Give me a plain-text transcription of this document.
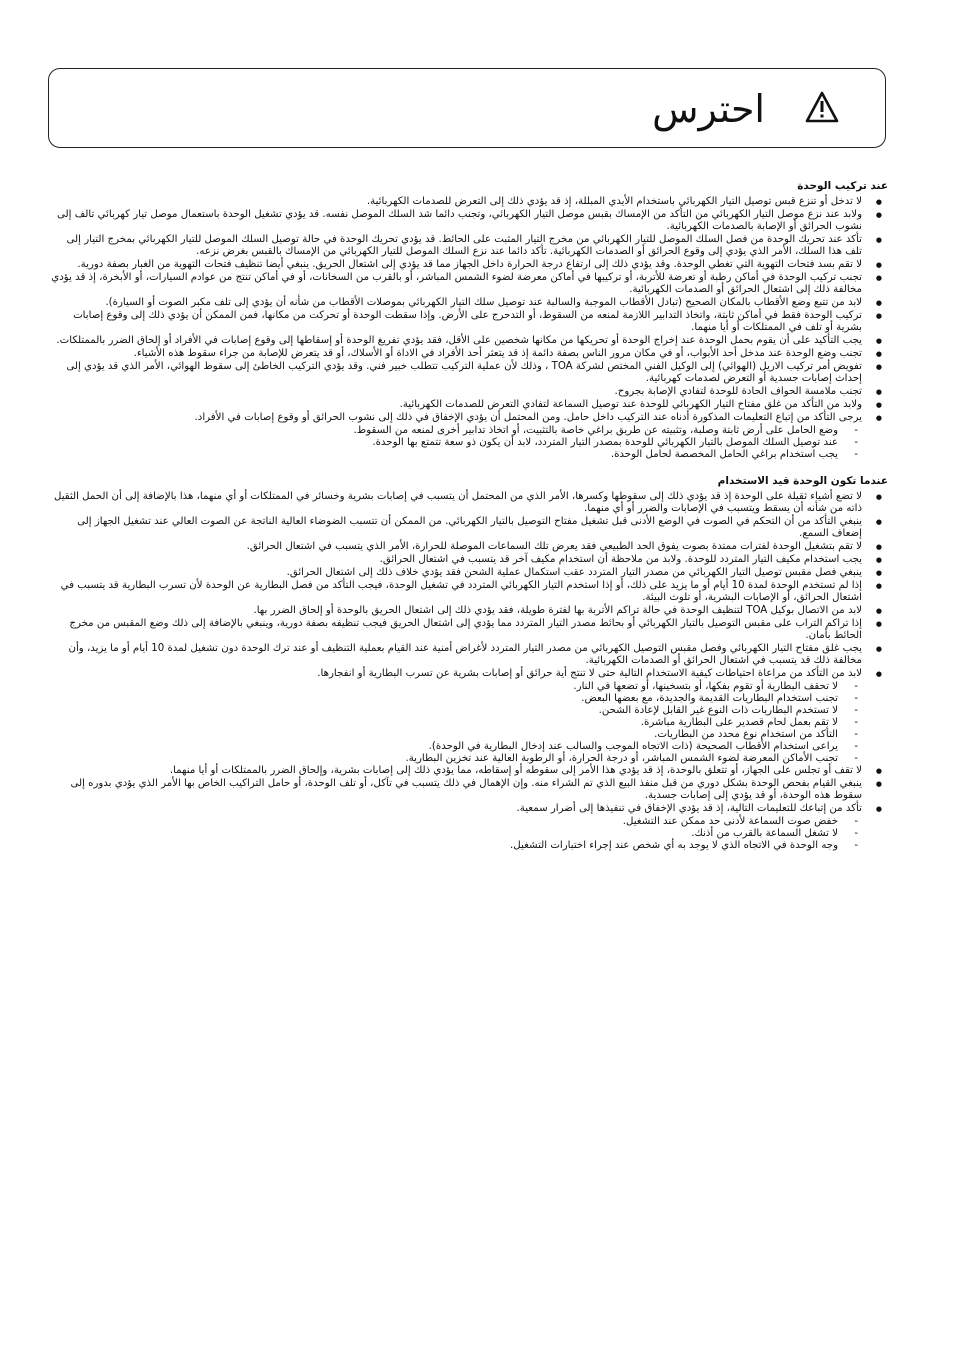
احترس
عند تركيب الوحدة
● لا تدخل أو تنزع قبس توصيل التيار الكهربائي باستخدام الأيدي المبللة، إذ قد يؤدي ذلك إلى التعرض للصدمات الكهربائية.
● ولابد عند نزع موصل التيار الكهربائي من التأكد من الإمساك بقبس موصل التيار الكهربائي، وتجنب دائما شد السلك الموصل نفسه. قد يؤدي تشغيل الوحدة باستعمال موصل تيار كهربائي تالف إلى نشوب الحرائق أو الإصابة بالصدمات الكهربائية.
● تأكد عند تحريك الوحدة من فصل السلك الموصل للتيار الكهربائي من مخرج التيار المثبت على الحائط. قد يؤدي تحريك الوحدة في حالة توصيل السلك الموصل للتيار الكهربائي بمخرج التيار إلى تلف هذا السلك، الأمر الذي يؤدي إلى وقوع الحرائق أو الصدمات الكهربائية. تأكد دائما عند نزع السلك الموصل للتيار الكهربائي من الإمساك بالقبس بغرض نزعه.
● لا تقم بسد فتحات التهوية التي تغطي الوحدة. وقد يؤدي ذلك إلى ارتفاع درجة الحرارة داخل الجهاز مما قد يؤدي إلى اشتعال الحريق. ينبغي أيضا تنظيف فتحات التهوية من الغبار بصفة دورية.
● تجنب تركيب الوحدة في أماكن رطبة أو تعرضة للأتربة، أو تركيبها في أماكن معرضة لضوء الشمس المباشر، أو بالقرب من السخانات، أو في أماكن تنتج من عوادم السيارات، أو الأبخرة، إذ قد يؤدي مخالفة ذلك إلى اشتعال الحرائق أو الصدمات الكهربائية.
● لابد من تتبع وضع الأقطاب بالمكان الصحيح (تبادل الأقطاب الموجبة والسالبة عند توصيل سلك التيار الكهربائي بموصلات الأقطاب من شأنه أن يؤدي إلى تلف مكبر الصوت أو السيارة).
● تركيب الوحدة فقط في أماكن ثابتة، واتخاذ التدابير اللازمة لمنعه من السقوط، أو التدحرج على الأرض. وإذا سقطت الوحدة أو تحركت من مكانها، فمن الممكن أن يؤدي ذلك إلى وقوع إصابات بشرية أو تلف في الممتلكات أو أيا منهما.
● يجب التأكيد على أن يقوم بحمل الوحدة عند إخراج الوحدة أو تحريكها من مكانها شخصين على الأقل، فقد يؤدي تفريغ الوحدة أو إسقاطها إلى وقوع إصابات في الأفراد أو إلحاق الضرر بالممتلكات.
● تجنب وضع الوحدة عند مدخل أحد الأبواب، أو في مكان مرور الناس بصفة دائمة إذ قد يتعثر أحد الأفراد في الاداة أو الأسلاك، أو قد يتعرض للإصابة من جراء سقوط هذه الأشياء.
● تفويض أمر تركيب الاريل (الهوائي) إلى الوكيل الفني المختص لشركة TOA ، وذلك لأن عملية التركيب تتطلب خبير فني. وقد يؤدي التركيب الخاطئ إلى سقوط الهوائي، الأمر الذي قد يؤدي إلى إحداث إصابات جسدية أو التعرض لصدمات كهربائية.
● تجنب ملامسة الحواف الحادة للوحدة لتفادي الإصابة بجروح.
● ولابد من التأكد من غلق مفتاح التيار الكهربائي للوحدة عند توصيل السماعة لتفادي التعرض للصدمات الكهربائية.
● يرجى التأكد من إتباع التعليمات المذكورة أدناه عند التركيب داخل حامل. ومن المحتمل أن يؤدي الإخفاق في ذلك إلى نشوب الحرائق أو وقوع إصابات في الأفراد.
- وضع الحامل على أرض ثابتة وصلبة، وتثبيته عن طريق براغي خاصة بالتثبيت، أو اتخاذ تدابير أخرى لمنعه من السقوط.
- عند توصيل السلك الموصل بالتيار الكهربائي للوحدة بمصدر التيار المتردد، لابد أن يكون ذو سعة تتمتع بها الوحدة.
- يجب استخدام براغي الحامل المخصصة لحامل الوحدة.
عندما تكون الوحدة قيد الاستخدام
● لا تضع أشياء ثقيلة على الوحدة إذ قد يؤدي ذلك إلى سقوطها وكسرها، الأمر الذي من المحتمل أن يتسبب في إصابات بشرية وخسائر في الممتلكات أو أي منهما، هذا بالإضافة إلى أن الحمل الثقيل ذاته من شأنه أن يسقط ويتسبب في الإصابات والضرر أو أي منهما.
● ينبغي التأكد من أن التحكم في الصوت في الوضع الأدنى قبل تشغيل مفتاح التوصيل بالتيار الكهربائي. من الممكن أن تتسبب الضوضاء العالية الناتجة عن الصوت العالي عند تشغيل الجهاز إلى إضعاف السمع.
● لا تقم بتشغيل الوحدة لفترات ممتدة بصوت يفوق الحد الطبيعي فقد يعرض تلك السماعات الموصلة للحرارة، الأمر الذي يتسبب في اشتعال الحرائق.
● يجب استخدام مكيف التيار المتردد للوحدة. ولابد من ملاحظة أن استخدام مكيف آخر قد يتسبب في اشتعال الحرائق.
● ينبغي فصل مقبس توصيل التيار الكهربائي من مصدر التيار المتردد عقب استكمال عملية الشحن فقد يؤدي خلاف ذلك إلى اشتعال الحرائق.
● إذا لم تستخدم الوحدة لمدة 10 أيام أو ما يزيد على ذلك، أو إذا استخدم التيار الكهربائي المتردد في تشغيل الوحدة، فيجب التأكد من فصل البطارية عن الوحدة لأن تسرب البطارية قد يتسبب في اشتعال الحرائق، أو الإصابات البشرية، أو تلوث البيئة.
● لابد من الاتصال بوكيل TOA لتنظيف الوحدة في حالة تراكم الأتربة بها لفترة طويلة، فقد يؤدي ذلك إلى اشتعال الحريق بالوحدة أو إلحاق الضرر بها.
● إذا تراكم التراب على مقبس التوصيل بالتيار الكهربائي أو بحائط مصدر التيار المتردد مما يؤدي إلى اشتعال الحريق فيجب تنظيفه بصفة دورية، وينبغي بالإضافة إلى ذلك وضع المقبس من مخرج الحائط بأمان.
● يجب غلق مفتاح التيار الكهربائي وفصل مقبس التوصيل الكهربائي من مصدر التيار المتردد لأغراض أمنية عند القيام بعملية التنظيف أو عند ترك الوحدة دون تشغيل لمدة 10 أيام أو ما يزيد، وأن مخالفة ذلك قد يتسبب في اشتعال الحرائق أو الصدمات الكهربائية.
● لابد من التأكد من مراعاة احتياطات كيفية الاستخدام التالية حتى لا تنتج أية حرائق أو إصابات بشرية عن تسرب البطارية أو انفجارها.
- لا تحقف البطارية أو تقوم بفكها، أو بتسخينها، أو تضعها في النار.
- تجنب استخدام البطاريات القديمة والجديدة، مع بعضها البعض.
- لا تستخدم البطاريات ذات النوع غير القابل لإعادة الشحن.
- لا تقم بعمل لحام قصدير على البطارية مباشرة.
- التأكد من استخدام نوع محدد من البطاريات.
- يراعى استخدام الأقطاب الصحيحة (ذات الاتجاه الموجب والسالب عند إدخال البطارية في الوحدة).
- تجنب الأماكن المعرضة لضوء الشمس المباشر، أو درجة الحرارة، أو الرطوبة العالية عند تخزين البطارية.
● لا تقف أو تجلس على الجهاز، أو تتعلق بالوحدة، إذ قد يؤدي هذا الأمر إلى سقوطه أو إسقاطه، مما يؤدي ذلك إلى إصابات بشرية، وإلحاق الضرر بالممتلكات أو أيا منهما.
● ينبغي القيام بفحص الوحدة بشكل دوري من قبل منفذ البيع الذي تم الشراء منه. وإن الإهمال في ذلك يتسبب في تآكل، أو تلف الوحدة، أو حامل التراكيب الخاص بها الأمر الذي يؤدي بدوره إلى سقوط هذه الوحدة، أو قد يؤدي إلى إصابات جسدية.
● تأكد من إتباعك للتعليمات التالية، إذ قد يؤدي الإخفاق في تنفيذها إلى أضرار سمعية.
- خفض صوت السماعة لأدنى حد ممكن عند التشغيل.
- لا تشغل السماعة بالقرب من أذنك.
- وجه الوحدة في الاتجاه الذي لا يوجد به أي شخص عند إجراء اختبارات التشغيل.
